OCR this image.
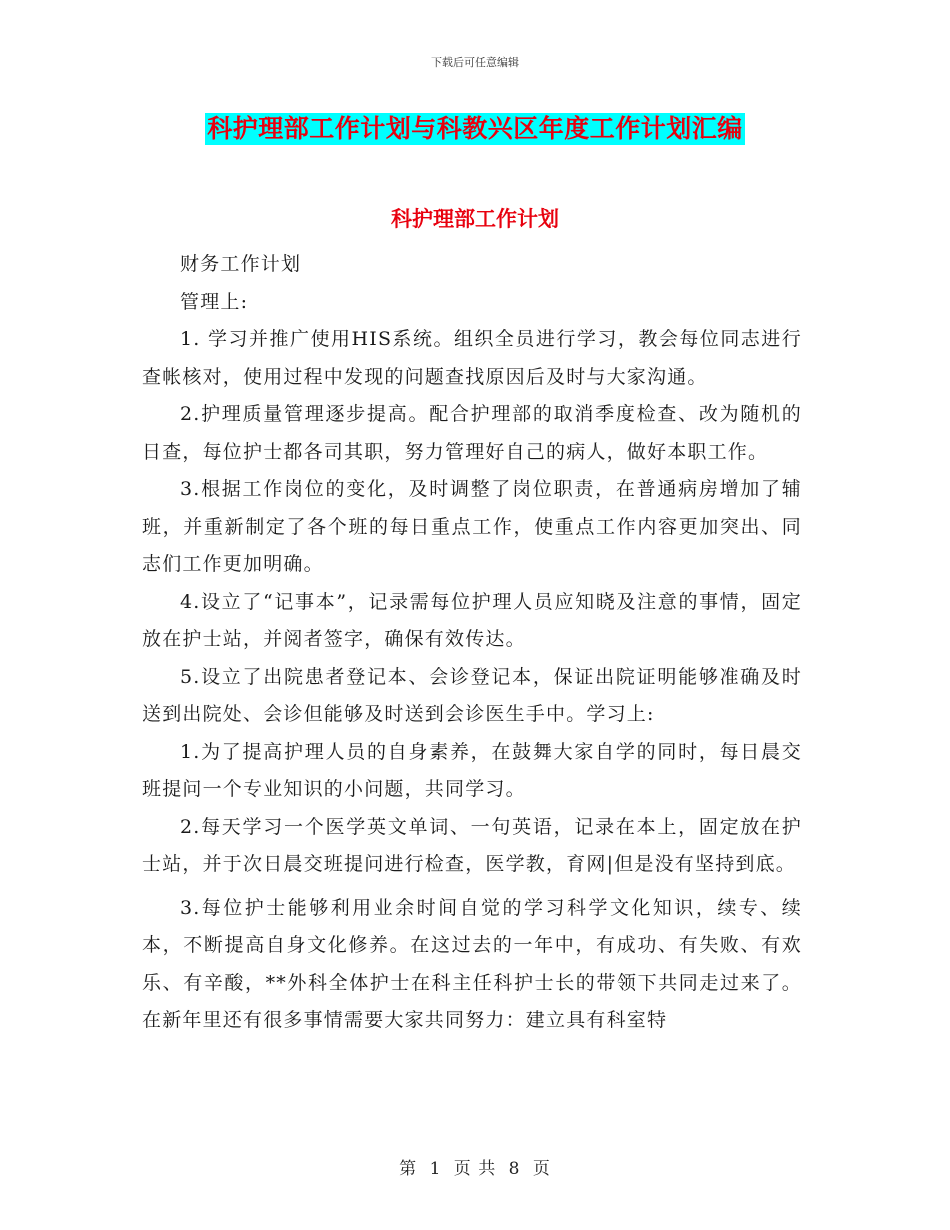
下载后可任意编辑
科护理部工作计划与科教兴区年度工作计划汇编
科护理部工作计划

财务工作计划

管理上:

1. 学习并推广使用HIS系统。组织全员进行学习，教会每位同志进行查帐核对，使用过程中发现的问题查找原因后及时与大家沟通。

2.护理质量管理逐步提高。配合护理部的取消季度检查、改为随机的日查，每位护士都各司其职，努力管理好自己的病人，做好本职工作。

3.根据工作岗位的变化，及时调整了岗位职责，在普通病房增加了辅班，并重新制定了各个班的每日重点工作，使重点工作内容更加突出、同志们工作更加明确。

4.设立了“记事本”，记录需每位护理人员应知晓及注意的事情，固定放在护士站，并阅者签字，确保有效传达。

5.设立了出院患者登记本、会诊登记本，保证出院证明能够准确及时送到出院处、会诊但能够及时送到会诊医生手中。学习上:

1.为了提高护理人员的自身素养，在鼓舞大家自学的同时，每日晨交班提问一个专业知识的小问题，共同学习。

2.每天学习一个医学英文单词、一句英语，记录在本上，固定放在护士站，并于次日晨交班提问进行检查，医学教，育网|但是没有坚持到底。

3.每位护士能够利用业余时间自觉的学习科学文化知识，续专、续本，不断提高自身文化修养。在这过去的一年中，有成功、有失败、有欢乐、有辛酸，**外科全体护士在科主任科护士长的带领下共同走过来了。在新年里还有很多事情需要大家共同努力：建立具有科室特

第 1 页 共 8 页
